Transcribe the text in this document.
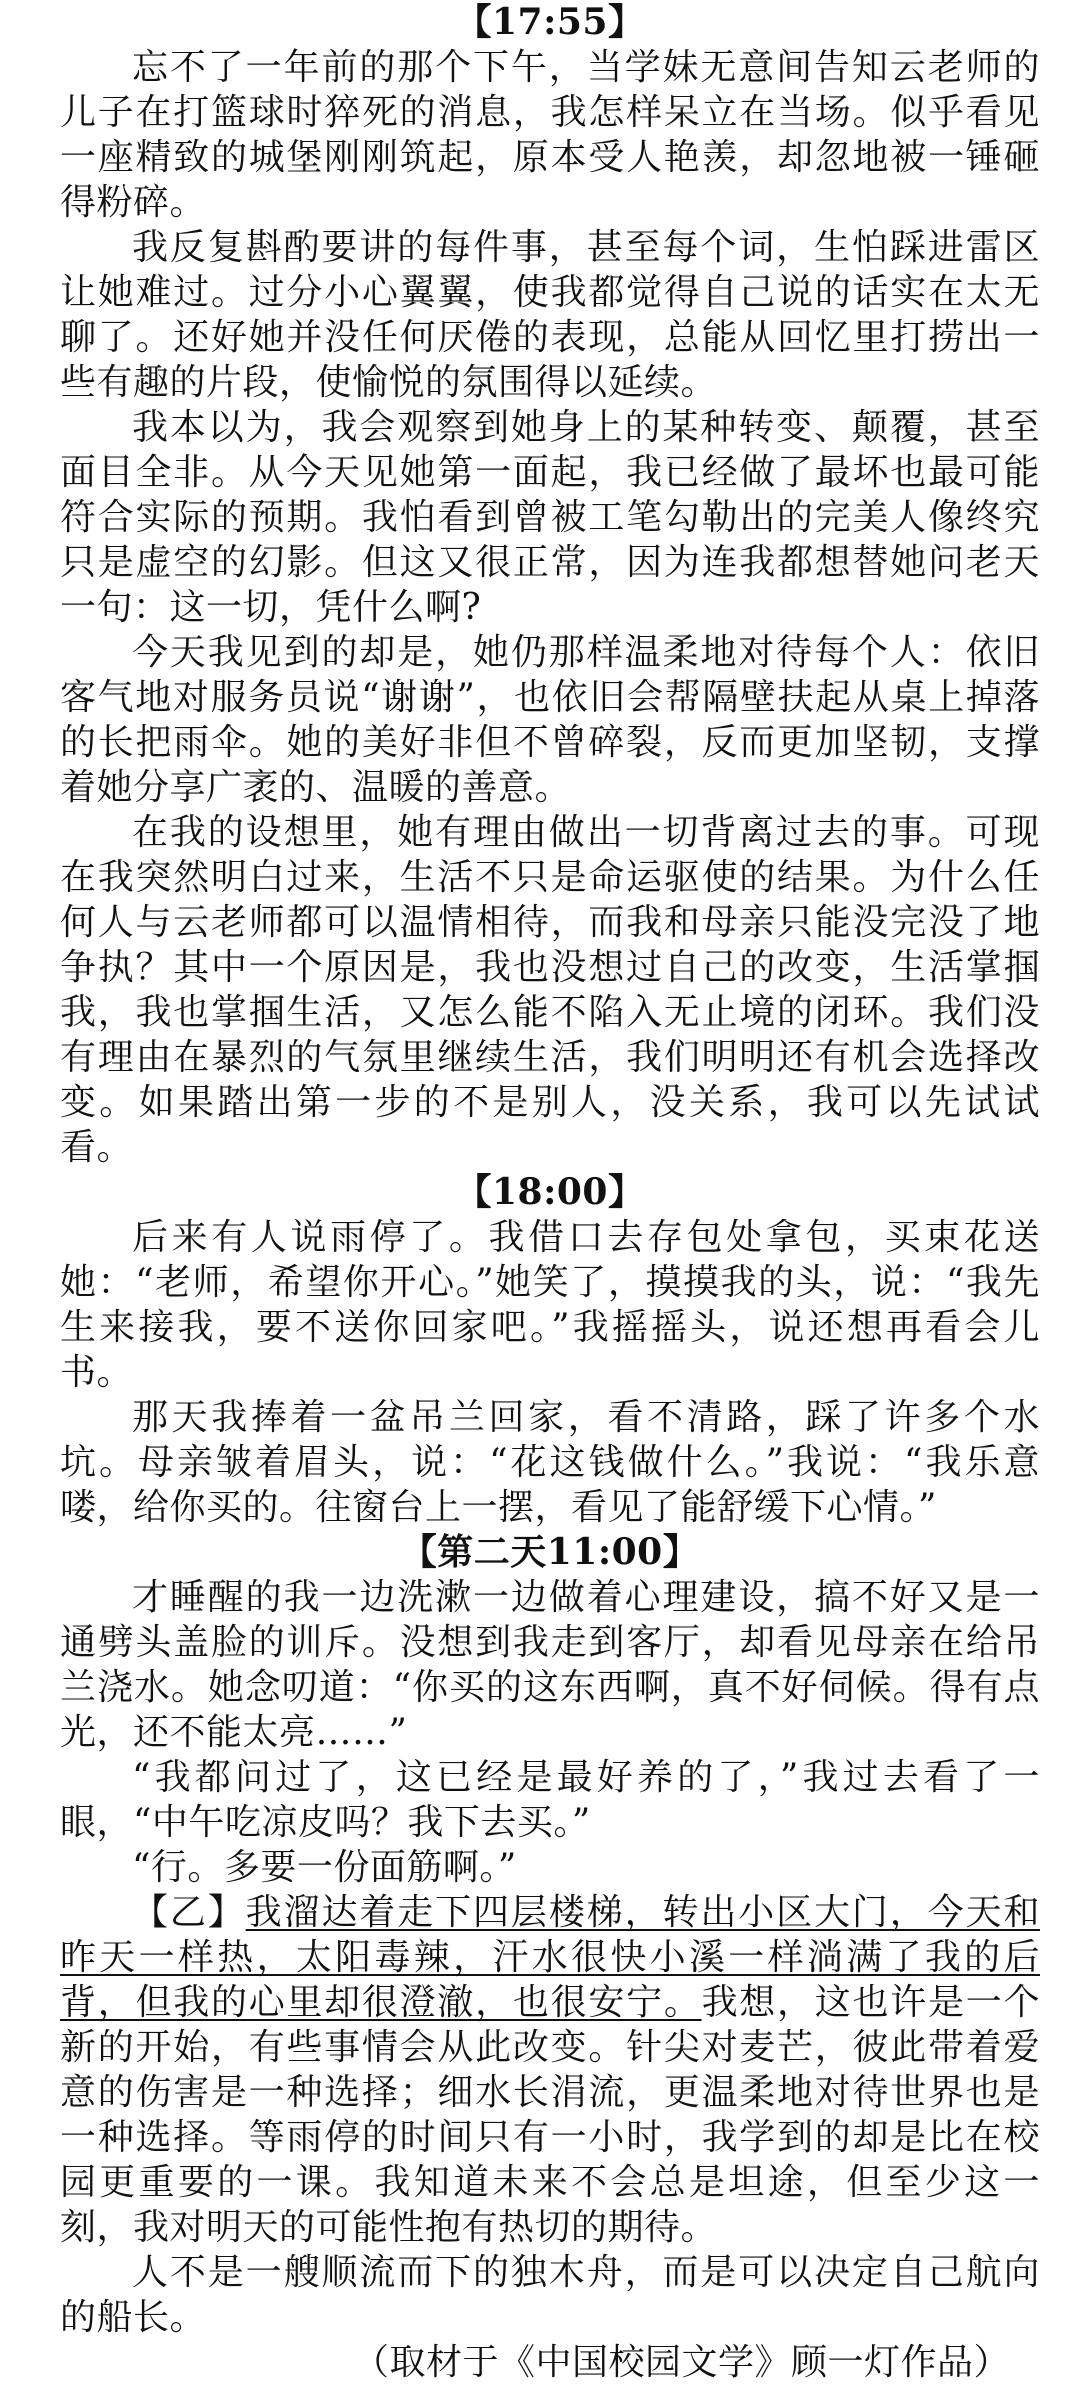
【17:55】

忘不了一年前的那个下午，当学妹无意间告知云老师的儿子在打篮球时猝死的消息，我怎样呆立在当场。似乎看见一座精致的城堡刚刚筑起，原本受人艳羡，却忽地被一锤砸得粉碎。

我反复斟酌要讲的每件事，甚至每个词，生怕踩进雷区让她难过。过分小心翼翼，使我都觉得自己说的话实在太无聊了。还好她并没任何厌倦的表现，总能从回忆里打捞出一些有趣的片段，使愉悦的氛围得以延续。

我本以为，我会观察到她身上的某种转变、颠覆，甚至面目全非。从今天见她第一面起，我已经做了最坏也最可能符合实际的预期。我怕看到曾被工笔勾勒出的完美人像终究只是虚空的幻影。但这又很正常，因为连我都想替她问老天一句：这一切，凭什么啊?

今天我见到的却是，她仍那样温柔地对待每个人：依旧客气地对服务员说“谢谢”，也依旧会帮隔壁扶起从桌上掉落的长把雨伞。她的美好非但不曾碎裂，反而更加坚韧，支撑着她分享广袤的、温暖的善意。

在我的设想里，她有理由做出一切背离过去的事。可现在我突然明白过来，生活不只是命运驱使的结果。为什么任何人与云老师都可以温情相待，而我和母亲只能没完没了地争执？其中一个原因是，我也没想过自己的改变，生活掌掴我，我也掌掴生活，又怎么能不陷入无止境的闭环。我们没有理由在暴烈的气氛里继续生活，我们明明还有机会选择改变。如果踏出第一步的不是别人，没关系，我可以先试试看。

【18:00】

后来有人说雨停了。我借口去存包处拿包，买束花送她：“老师，希望你开心。”她笑了，摸摸我的头，说：“我先生来接我，要不送你回家吧。”我摇摇头，说还想再看会儿书。

那天我捧着一盆吊兰回家，看不清路，踩了许多个水坑。母亲皱着眉头，说：“花这钱做什么。”我说：“我乐意喽，给你买的。往窗台上一摆，看见了能舒缓下心情。”

【第二天11:00】

才睡醒的我一边洗漱一边做着心理建设，搞不好又是一通劈头盖脸的训斥。没想到我走到客厅，却看见母亲在给吊兰浇水。她念叨道：“你买的这东西啊，真不好伺候。得有点光，还不能太亮……”

“我都问过了，这已经是最好养的了，”我过去看了一眼，“中午吃凉皮吗？我下去买。”

“行。多要一份面筋啊。”

【乙】我溜达着走下四层楼梯，转出小区大门，今天和昨天一样热，太阳毒辣，汗水很快小溪一样淌满了我的后背，但我的心里却很澄澈，也很安宁。我想，这也许是一个新的开始，有些事情会从此改变。针尖对麦芒，彼此带着爱意的伤害是一种选择；细水长涓流，更温柔地对待世界也是一种选择。等雨停的时间只有一小时，我学到的却是比在校园更重要的一课。我知道未来不会总是坦途，但至少这一刻，我对明天的可能性抱有热切的期待。

人不是一艘顺流而下的独木舟，而是可以决定自己航向的船长。

（取材于《中国校园文学》顾一灯作品）
